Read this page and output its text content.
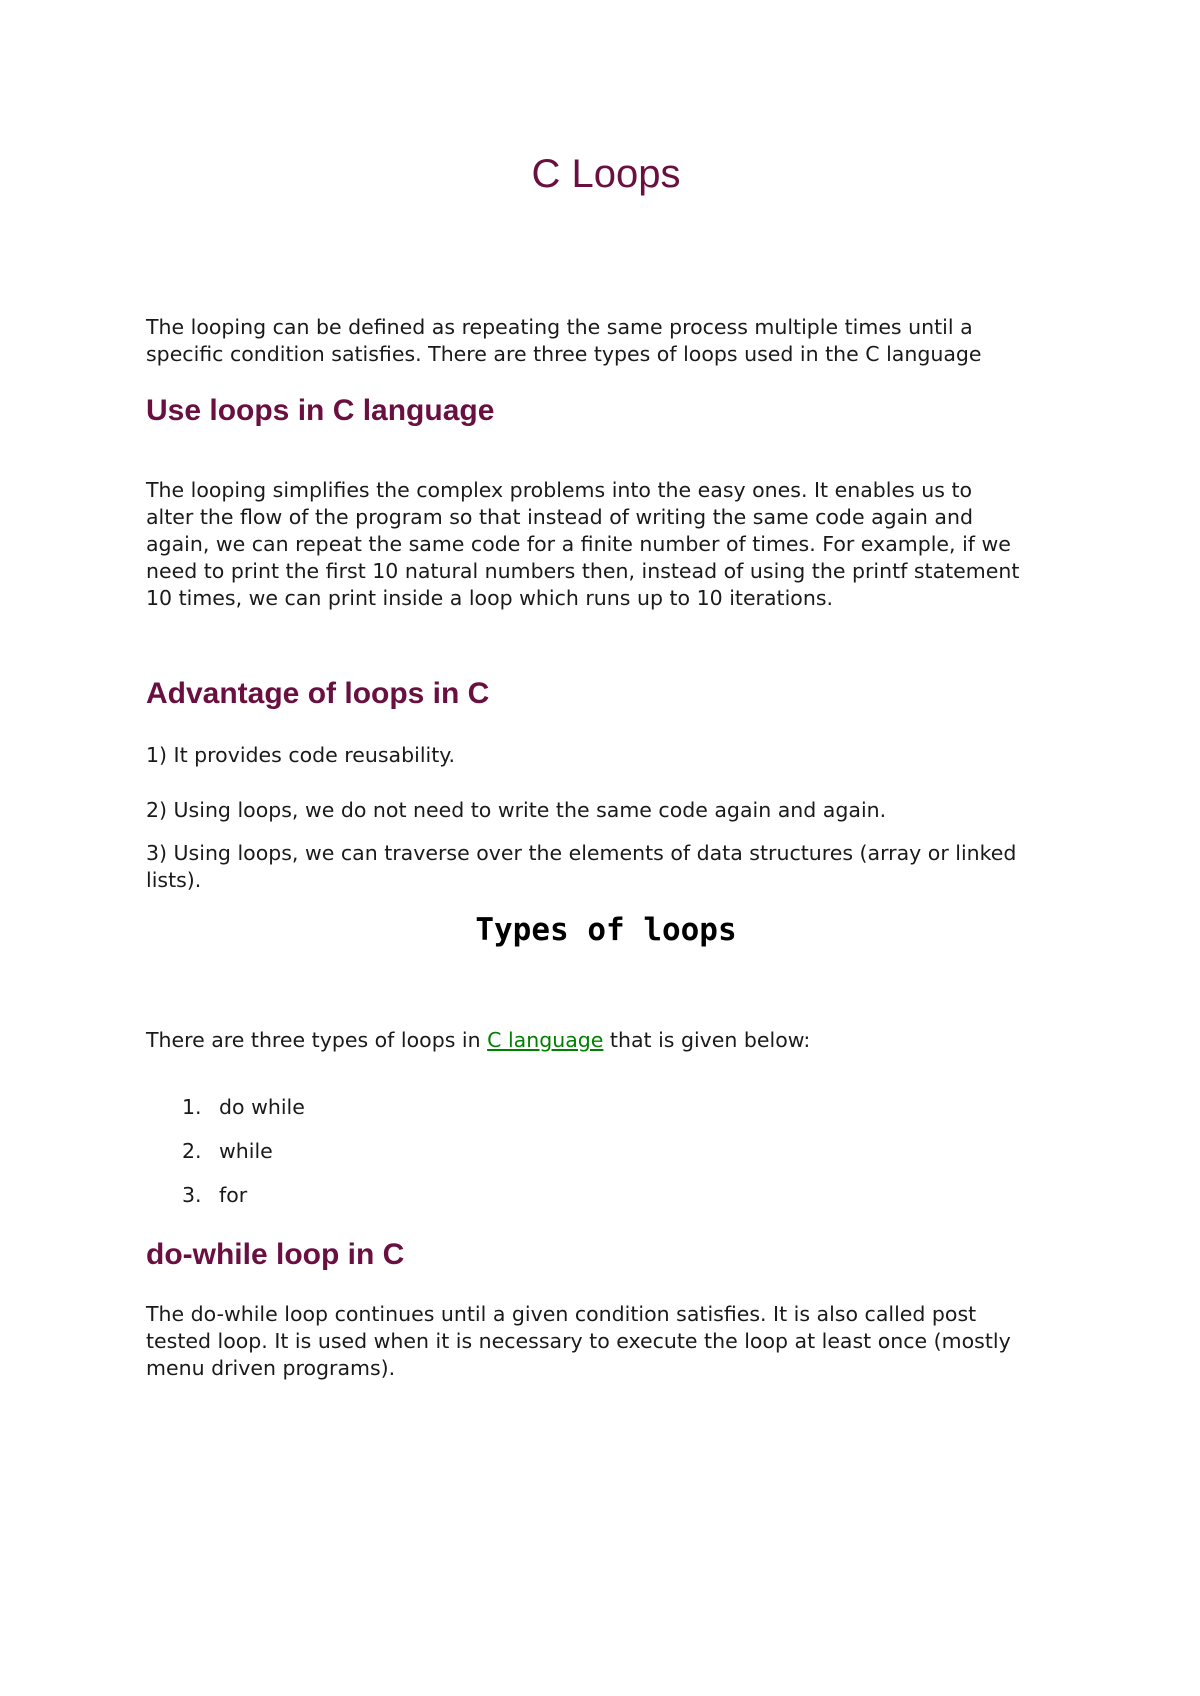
C Loops

The looping can be defined as repeating the same process multiple times until a
specific condition satisfies. There are three types of loops used in the C language

Use loops in C language

The looping simplifies the complex problems into the easy ones. It enables us to
alter the flow of the program so that instead of writing the same code again and
again, we can repeat the same code for a finite number of times. For example, if we
need to print the first 10 natural numbers then, instead of using the printf statement
10 times, we can print inside a loop which runs up to 10 iterations.

Advantage of loops in C

1) It provides code reusability.

2) Using loops, we do not need to write the same code again and again.

3) Using loops, we can traverse over the elements of data structures (array or linked
lists).

Types of loops

There are three types of loops in C language that is given below:

1. do while
2. while
3. for
do-while loop in C

The do-while loop continues until a given condition satisfies. It is also called post
tested loop. It is used when it is necessary to execute the loop at least once (mostly
menu driven programs).
